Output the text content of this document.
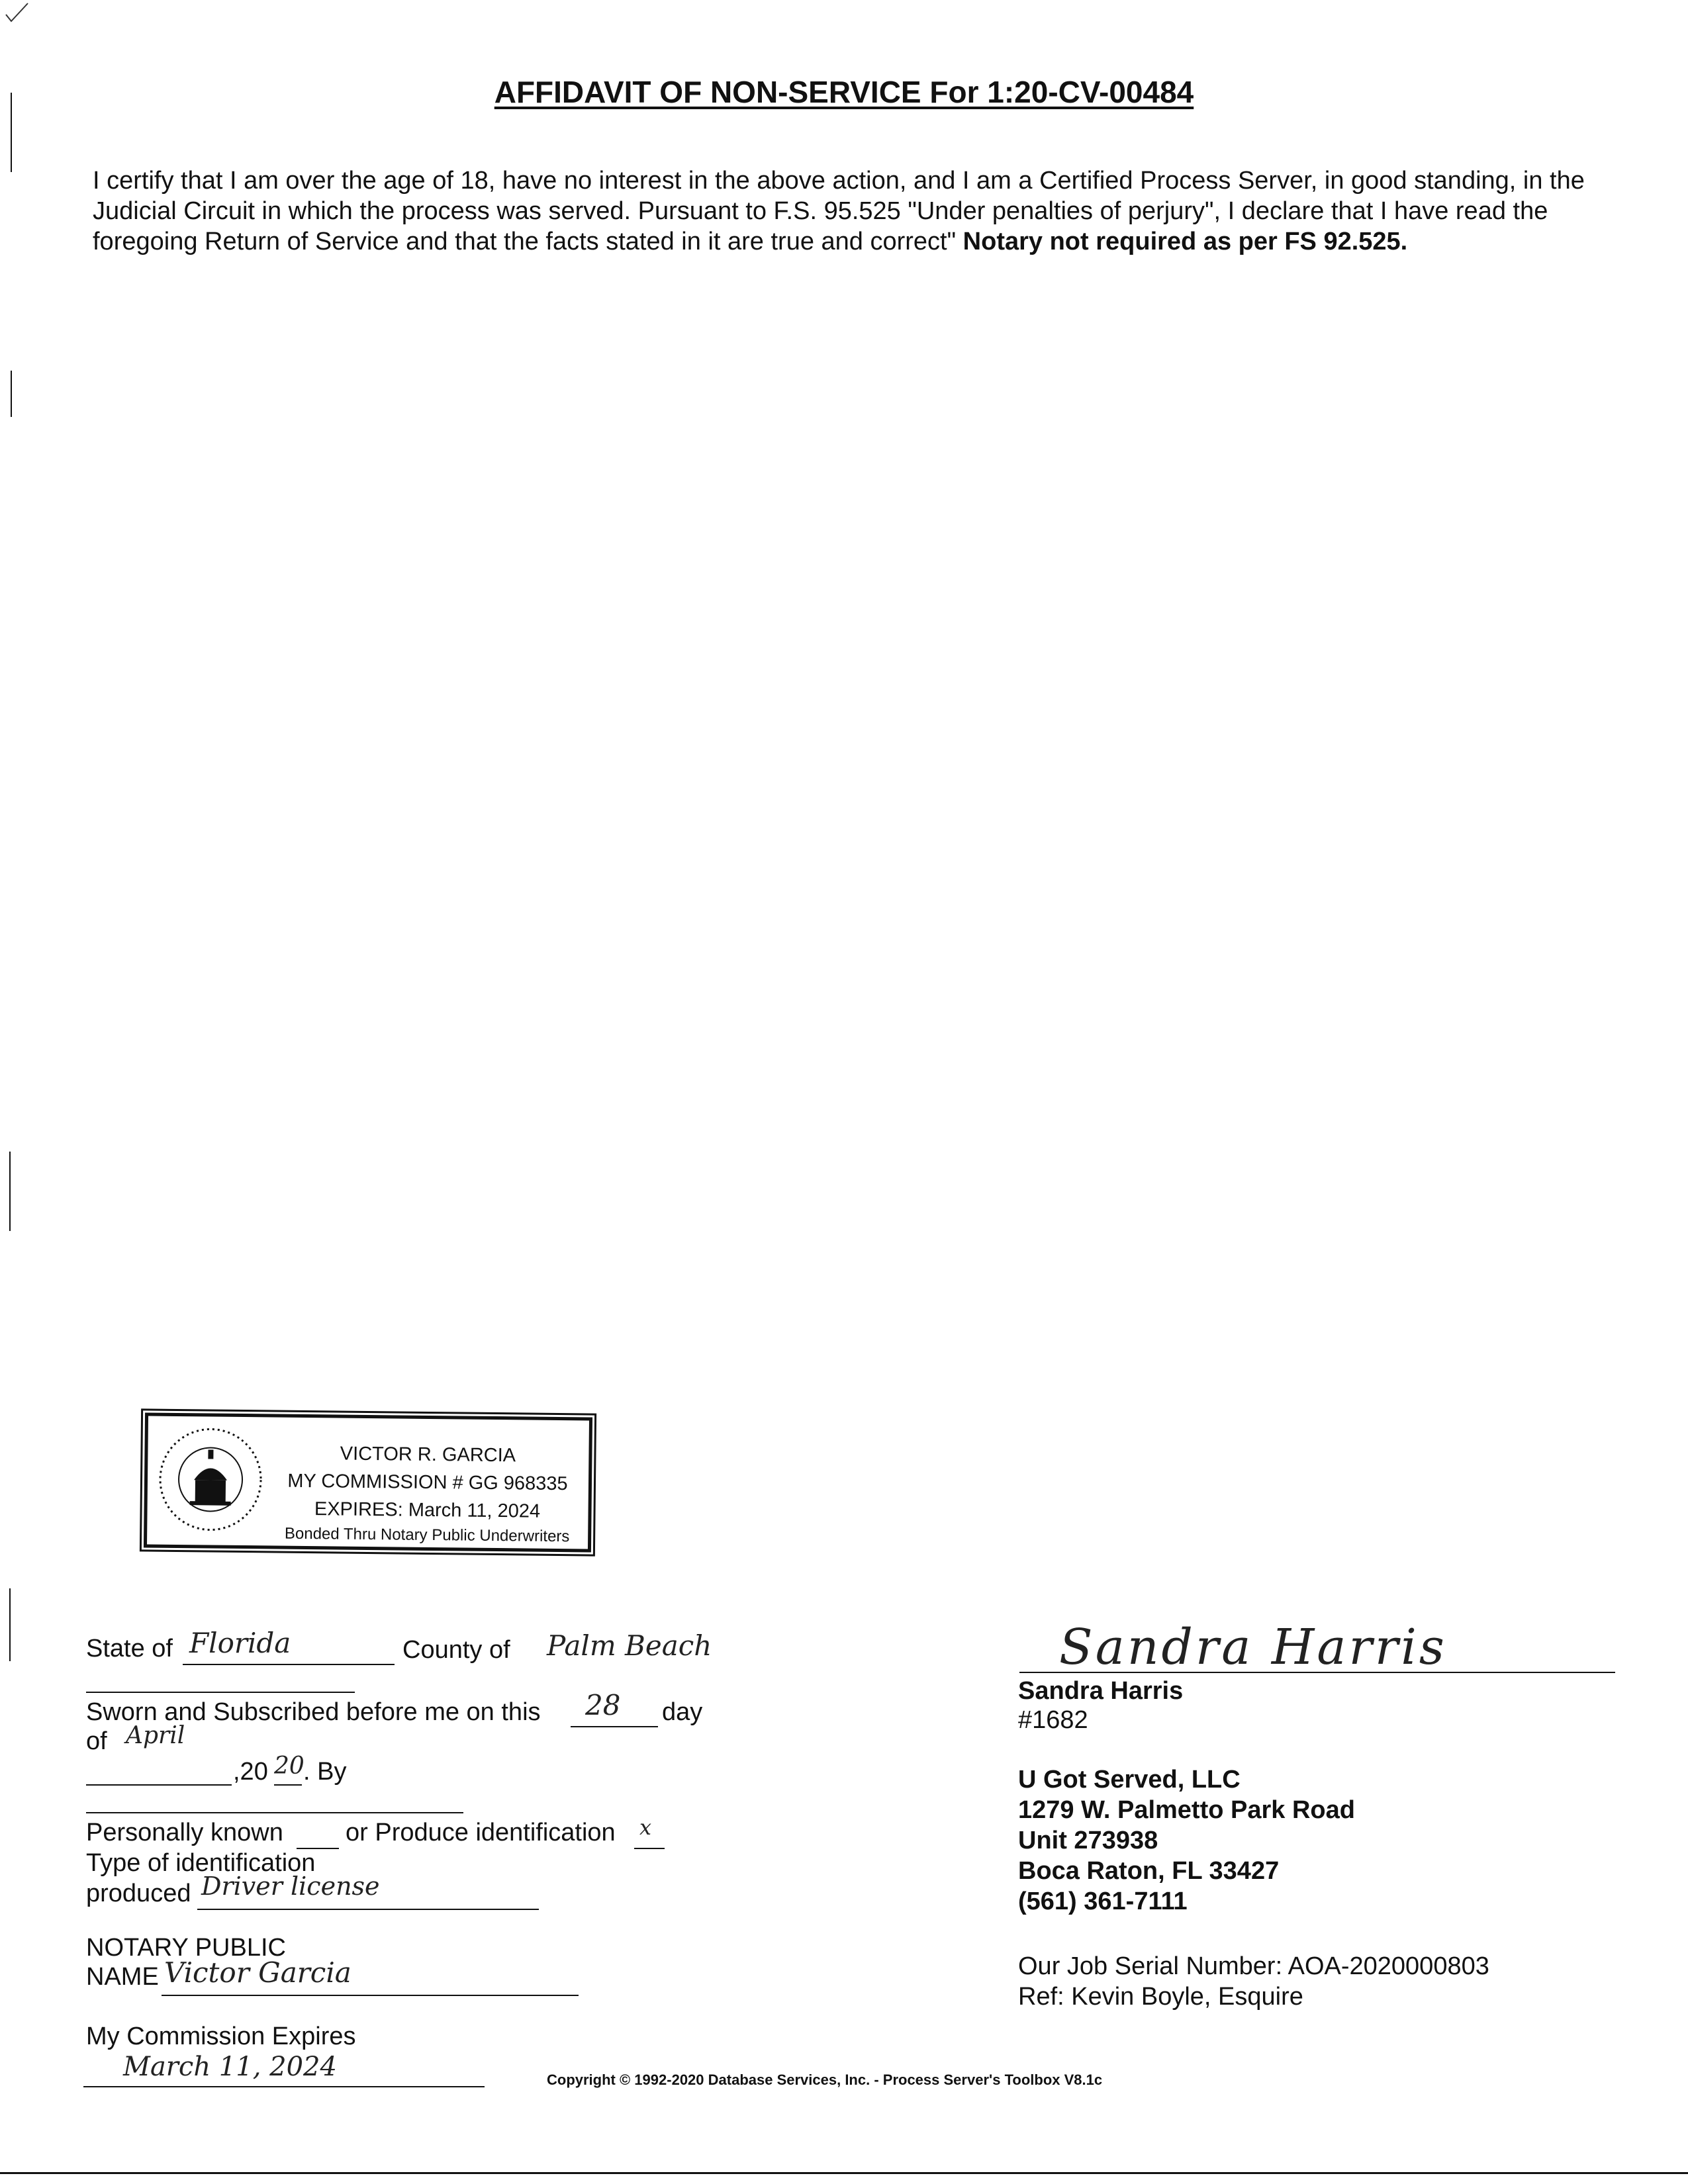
AFFIDAVIT OF NON-SERVICE For 1:20-CV-00484
I certify that I am over the age of 18, have no interest in the above action, and I am a Certified Process Server, in good standing, in the Judicial Circuit in which the process was served. Pursuant to F.S. 95.525 "Under penalties of perjury", I declare that I have read the foregoing Return of Service and that the facts stated in it are true and correct" Notary not required as per FS 92.525.
VICTOR R. GARCIA
MY COMMISSION # GG 968335
EXPIRES: March 11, 2024
Bonded Thru Notary Public Underwriters
State of Florida	County of Palm Beach
Sworn and Subscribed before me on this 28 day
of April
,20 20
. By
Personally known or Produce identification x
Type of identification
produced Driver license
NOTARY PUBLIC
NAME Victor Garcia
My Commission Expires
March 11, 2024
Sandra Harris
Sandra Harris
#1682
U Got Served, LLC
1279 W. Palmetto Park Road
Unit 273938
Boca Raton, FL 33427
(561) 361-7111
Our Job Serial Number: AOA-2020000803
Ref: Kevin Boyle, Esquire
Copyright © 1992-2020 Database Services, Inc. - Process Server's Toolbox V8.1c
